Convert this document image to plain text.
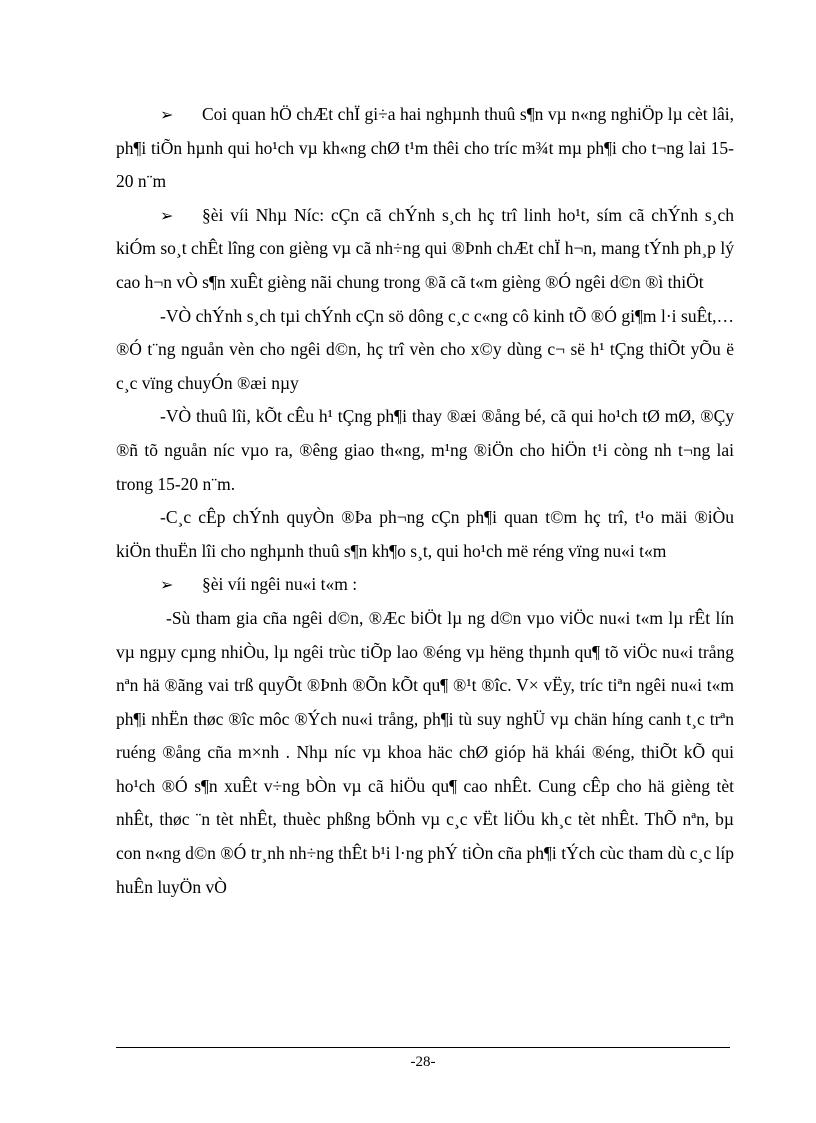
➢ Coi quan hÖ chÆt chÏ gi÷a hai nghµnh thuû s¶n vµ n«ng nghiÖp lµ cèt lâi, ph¶i tiÕn hµnh qui ho¹ch vµ kh«ng chØ t¹m thêi cho tríc m¾t mµ ph¶i cho t¬ng lai 15-20 n¨m

➢ §èi víi Nhµ Níc: cÇn cã chÝnh s¸ch hç trî linh ho¹t, sím cã chÝnh s¸ch kiÓm so¸t chÊt lîng con gièng vµ cã nh÷ng qui ®Þnh chÆt chÏ h¬n, mang tÝnh ph¸p lý cao h¬n vÒ s¶n xuÊt gièng nãi chung trong ®ã cã t«m gièng ®Ó ngêi d©n ®ì thiÖt

-VÒ chÝnh s¸ch tµi chÝnh cÇn sö dông c¸c c«ng cô kinh tÕ ®Ó gi¶m l·i suÊt,…®Ó t¨ng nguån vèn cho ngêi d©n, hç trî vèn cho x©y dùng c¬ së h¹ tÇng thiÕt yÕu ë c¸c vïng chuyÓn ®æi nµy

-VÒ thuû lîi, kÕt cÊu h¹ tÇng ph¶i thay ®æi ®ång bé, cã qui ho¹ch tØ mØ, ®Çy ®ñ tõ nguån níc vµo ra, ®êng giao th«ng, m¹ng ®iÖn cho hiÖn t¹i còng nh t¬ng lai trong 15-20 n¨m.

-C¸c cÊp chÝnh quyÒn ®Þa ph¬ng cÇn ph¶i quan t©m hç trî, t¹o mäi ®iÒu kiÖn thuËn lîi cho nghµnh thuû s¶n kh¶o s¸t, qui ho¹ch më réng vïng nu«i t«m

➢ §èi víi ngêi nu«i t«m :

-Sù tham gia cña ngêi d©n, ®Æc biÖt lµ ng d©n vµo viÖc nu«i t«m lµ rÊt lín vµ ngµy cµng nhiÒu, lµ ngêi trùc tiÕp lao ®éng vµ hëng thµnh qu¶ tõ viÖc nu«i trång nªn hä ®ãng vai trß quyÕt ®Þnh ®Õn kÕt qu¶ ®¹t ®îc. V× vËy, tríc tiªn ngêi nu«i t«m ph¶i nhËn thøc ®îc môc ®Ých nu«i trång, ph¶i tù suy nghÜ vµ chän híng canh t¸c trªn ruéng ®ång cña m×nh . Nhµ níc vµ khoa häc chØ gióp hä khái ®éng, thiÕt kÕ qui ho¹ch ®Ó s¶n xuÊt v÷ng bÒn vµ cã hiÖu qu¶ cao nhÊt. Cung cÊp cho hä gièng tèt nhÊt, thøc ¨n tèt nhÊt, thuèc phßng bÖnh vµ c¸c vËt liÖu kh¸c tèt nhÊt. ThÕ nªn, bµ con n«ng d©n ®Ó tr¸nh nh÷ng thÊt b¹i l·ng phÝ tiÒn cña ph¶i tÝch cùc tham dù c¸c líp huÊn luyÖn vÒ

-28-
